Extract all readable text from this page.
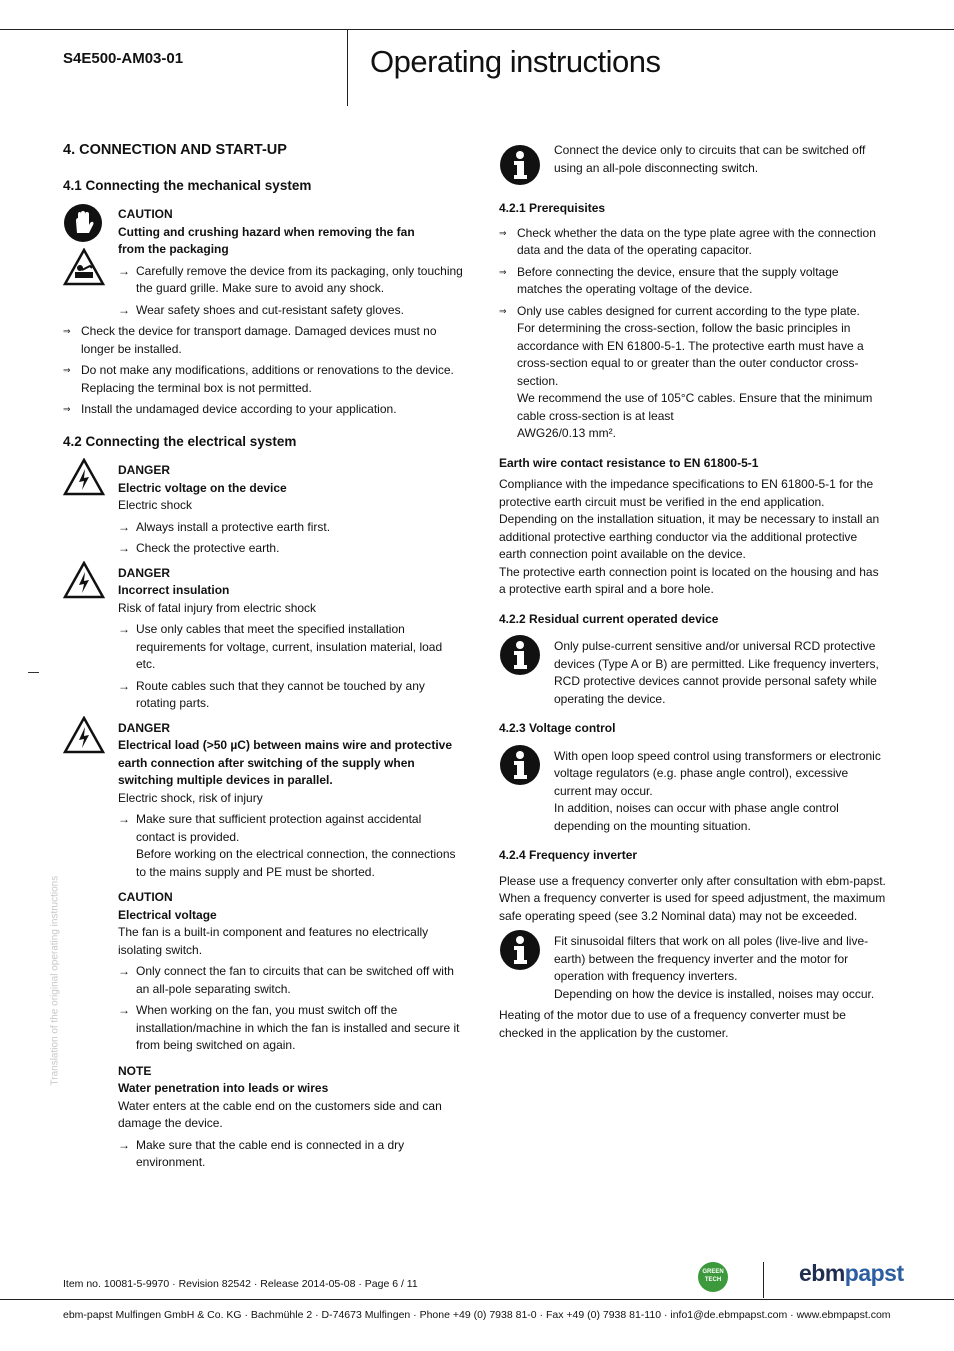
S4E500-AM03-01	Operating instructions
Translation of the original operating instructions

4. CONNECTION AND START-UP

4.1 Connecting the mechanical system

CAUTION
Cutting and crushing hazard when removing the fan from the packaging

→ Carefully remove the device from its packaging, only touching the guard grille. Make sure to avoid any shock.

→ Wear safety shoes and cut-resistant safety gloves.

⇒ Check the device for transport damage. Damaged devices must no longer be installed.

⇒ Do not make any modifications, additions or renovations to the device. Replacing the terminal box is not permitted.

⇒ Install the undamaged device according to your application.

4.2 Connecting the electrical system

DANGER
Electric voltage on the device

Electric shock

→ Always install a protective earth first.

→ Check the protective earth.

DANGER
Incorrect insulation

Risk of fatal injury from electric shock

→ Use only cables that meet the specified installation requirements for voltage, current, insulation material, load etc.

→ Route cables such that they cannot be touched by any rotating parts.

DANGER
Electrical load (>50 µC) between mains wire and protective earth connection after switching of the supply when switching multiple devices in parallel.

Electric shock, risk of injury

→ Make sure that sufficient protection against accidental contact is provided.

Before working on the electrical connection, the connections to the mains supply and PE must be shorted.

CAUTION
Electrical voltage

The fan is a built-in component and features no electrically isolating switch.

→ Only connect the fan to circuits that can be switched off with an all-pole separating switch.

→ When working on the fan, you must switch off the installation/machine in which the fan is installed and secure it from being switched on again.

NOTE
Water penetration into leads or wires

Water enters at the cable end on the customers side and can damage the device.

→ Make sure that the cable end is connected in a dry environment.

Connect the device only to circuits that can be switched off using an all-pole disconnecting switch.

4.2.1 Prerequisites

⇒ Check whether the data on the type plate agree with the connection data and the data of the operating capacitor.

⇒ Before connecting the device, ensure that the supply voltage matches the operating voltage of the device.

⇒ Only use cables designed for current according to the type plate.

For determining the cross-section, follow the basic principles in accordance with EN 61800-5-1. The protective earth must have a cross-section equal to or greater than the outer conductor cross-section.

We recommend the use of 105°C cables. Ensure that the minimum cable cross-section is at least

AWG26/0.13 mm².

Earth wire contact resistance to EN 61800-5-1

Compliance with the impedance specifications to EN 61800-5-1 for the protective earth circuit must be verified in the end application.

Depending on the installation situation, it may be necessary to install an additional protective earthing conductor via the additional protective earth connection point available on the device.

The protective earth connection point is located on the housing and has a protective earth spiral and a bore hole.

4.2.2 Residual current operated device

Only pulse-current sensitive and/or universal RCD protective devices (Type A or B) are permitted. Like frequency inverters, RCD protective devices cannot provide personal safety while operating the device.

4.2.3 Voltage control

With open loop speed control using transformers or electronic voltage regulators (e.g. phase angle control), excessive current may occur.

In addition, noises can occur with phase angle control depending on the mounting situation.

4.2.4 Frequency inverter

Please use a frequency converter only after consultation with ebm-papst. When a frequency converter is used for speed adjustment, the maximum safe operating speed (see 3.2 Nominal data) may not be exceeded.

Fit sinusoidal filters that work on all poles (live-live and live-earth) between the frequency inverter and the motor for operation with frequency inverters.

Depending on how the device is installed, noises may occur.

Heating of the motor due to use of a frequency converter must be checked in the application by the customer.

Item no. 10081-5-9970 · Revision 82542 · Release 2014-05-08 · Page 6 / 11
GREEN
TECH	ebmpapst
ebm-papst Mulfingen GmbH & Co. KG · Bachmühle 2 · D-74673 Mulfingen · Phone +49 (0) 7938 81-0 · Fax +49 (0) 7938 81-110 · info1@de.ebmpapst.com · www.ebmpapst.com
